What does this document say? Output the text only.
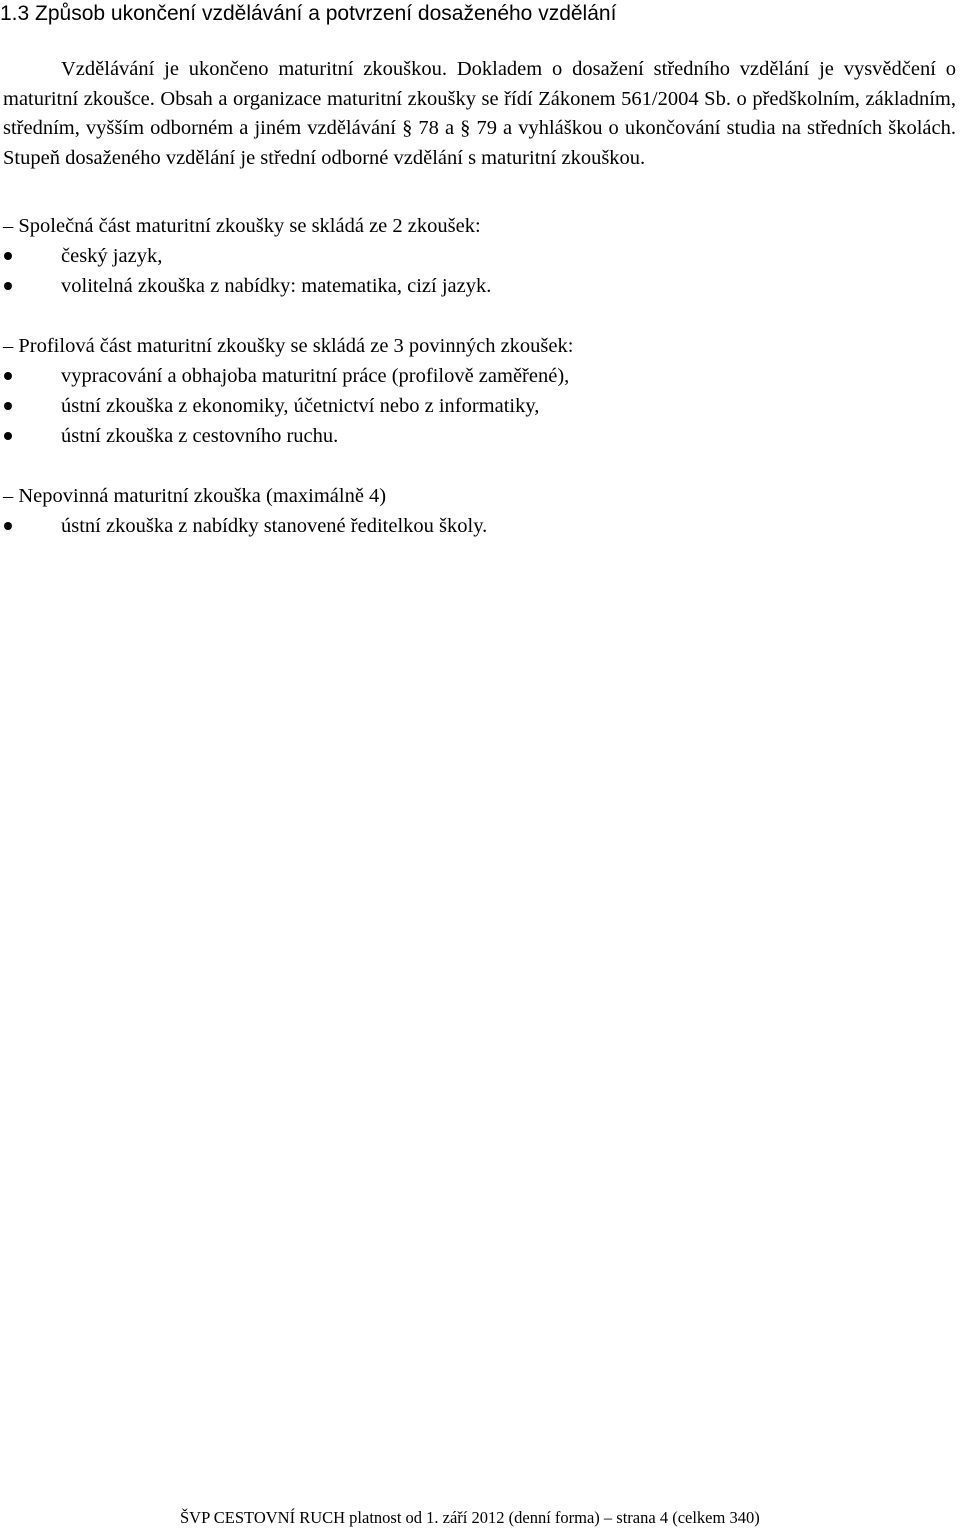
1.3 Způsob ukončení vzdělávání a potvrzení dosaženého vzdělání

Vzdělávání je ukončeno maturitní zkouškou. Dokladem o dosažení středního vzdělání je vysvědčení o maturitní zkoušce. Obsah a organizace maturitní zkoušky se řídí Zákonem 561/2004 Sb. o předškolním, základním, středním, vyšším odborném a jiném vzdělávání § 78 a § 79 a vyhláškou o ukončování studia na středních školách. Stupeň dosaženého vzdělání je střední odborné vzdělání s maturitní zkouškou.

– Společná část maturitní zkoušky se skládá ze 2 zkoušek:
český jazyk,
volitelná zkouška z nabídky: matematika, cizí jazyk.
– Profilová část maturitní zkoušky se skládá ze 3 povinných zkoušek:
vypracování a obhajoba maturitní práce (profilově zaměřené),
ústní zkouška z ekonomiky, účetnictví nebo z informatiky,
ústní zkouška z cestovního ruchu.
– Nepovinná maturitní zkouška (maximálně 4)
ústní zkouška z nabídky stanovené ředitelkou školy.
ŠVP CESTOVNÍ RUCH platnost od 1. září 2012 (denní forma) – strana 4 (celkem 340)
